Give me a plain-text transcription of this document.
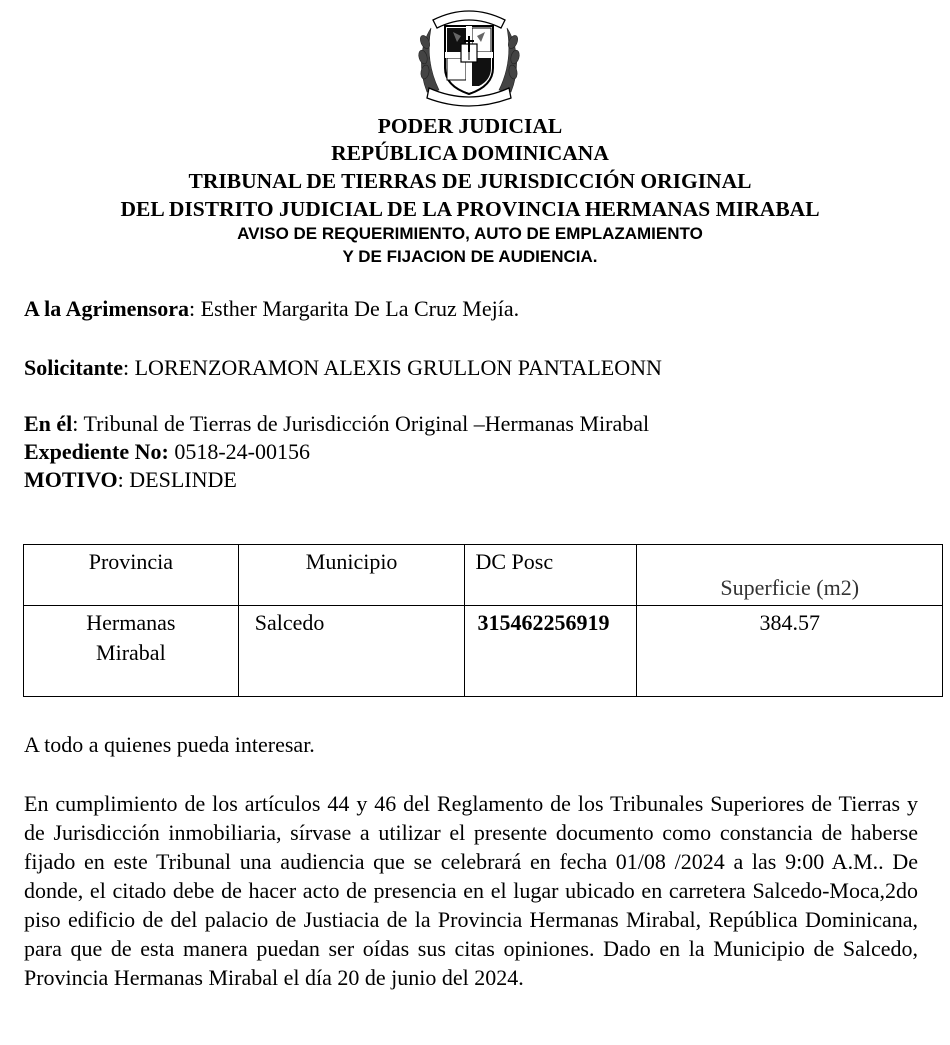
PODER JUDICIAL
REPÚBLICA DOMINICANA
TRIBUNAL DE TIERRAS DE JURISDICCIÓN ORIGINAL
DEL DISTRITO JUDICIAL DE LA PROVINCIA HERMANAS MIRABAL
AVISO DE REQUERIMIENTO, AUTO DE EMPLAZAMIENTO
Y DE FIJACION DE AUDIENCIA.
A la Agrimensora: Esther Margarita De La Cruz Mejía.
Solicitante: LORENZORAMON ALEXIS GRULLON PANTALEONN
En él: Tribunal de Tierras de Jurisdicción Original –Hermanas Mirabal
Expediente No: 0518-24-00156
MOTIVO: DESLINDE
Provincia	Municipio	DC Posc	Superficie (m2)

Hermanas
Mirabal	Salcedo	315462256919	384.57
A todo a quienes pueda interesar.
En cumplimiento de los artículos 44 y 46 del Reglamento de los Tribunales Superiores de Tierras y de Jurisdicción inmobiliaria, sírvase a utilizar el presente documento como constancia de haberse fijado en este Tribunal una audiencia que se celebrará en fecha 01/08 /2024 a las 9:00 A.M.. De donde, el citado debe de hacer acto de presencia en el lugar ubicado en carretera Salcedo-Moca,2do piso edificio de del palacio de Justiacia de la Provincia Hermanas Mirabal, República Dominicana, para que de esta manera puedan ser oídas sus citas opiniones. Dado en la Municipio de Salcedo, Provincia Hermanas Mirabal el día 20 de junio del 2024.
